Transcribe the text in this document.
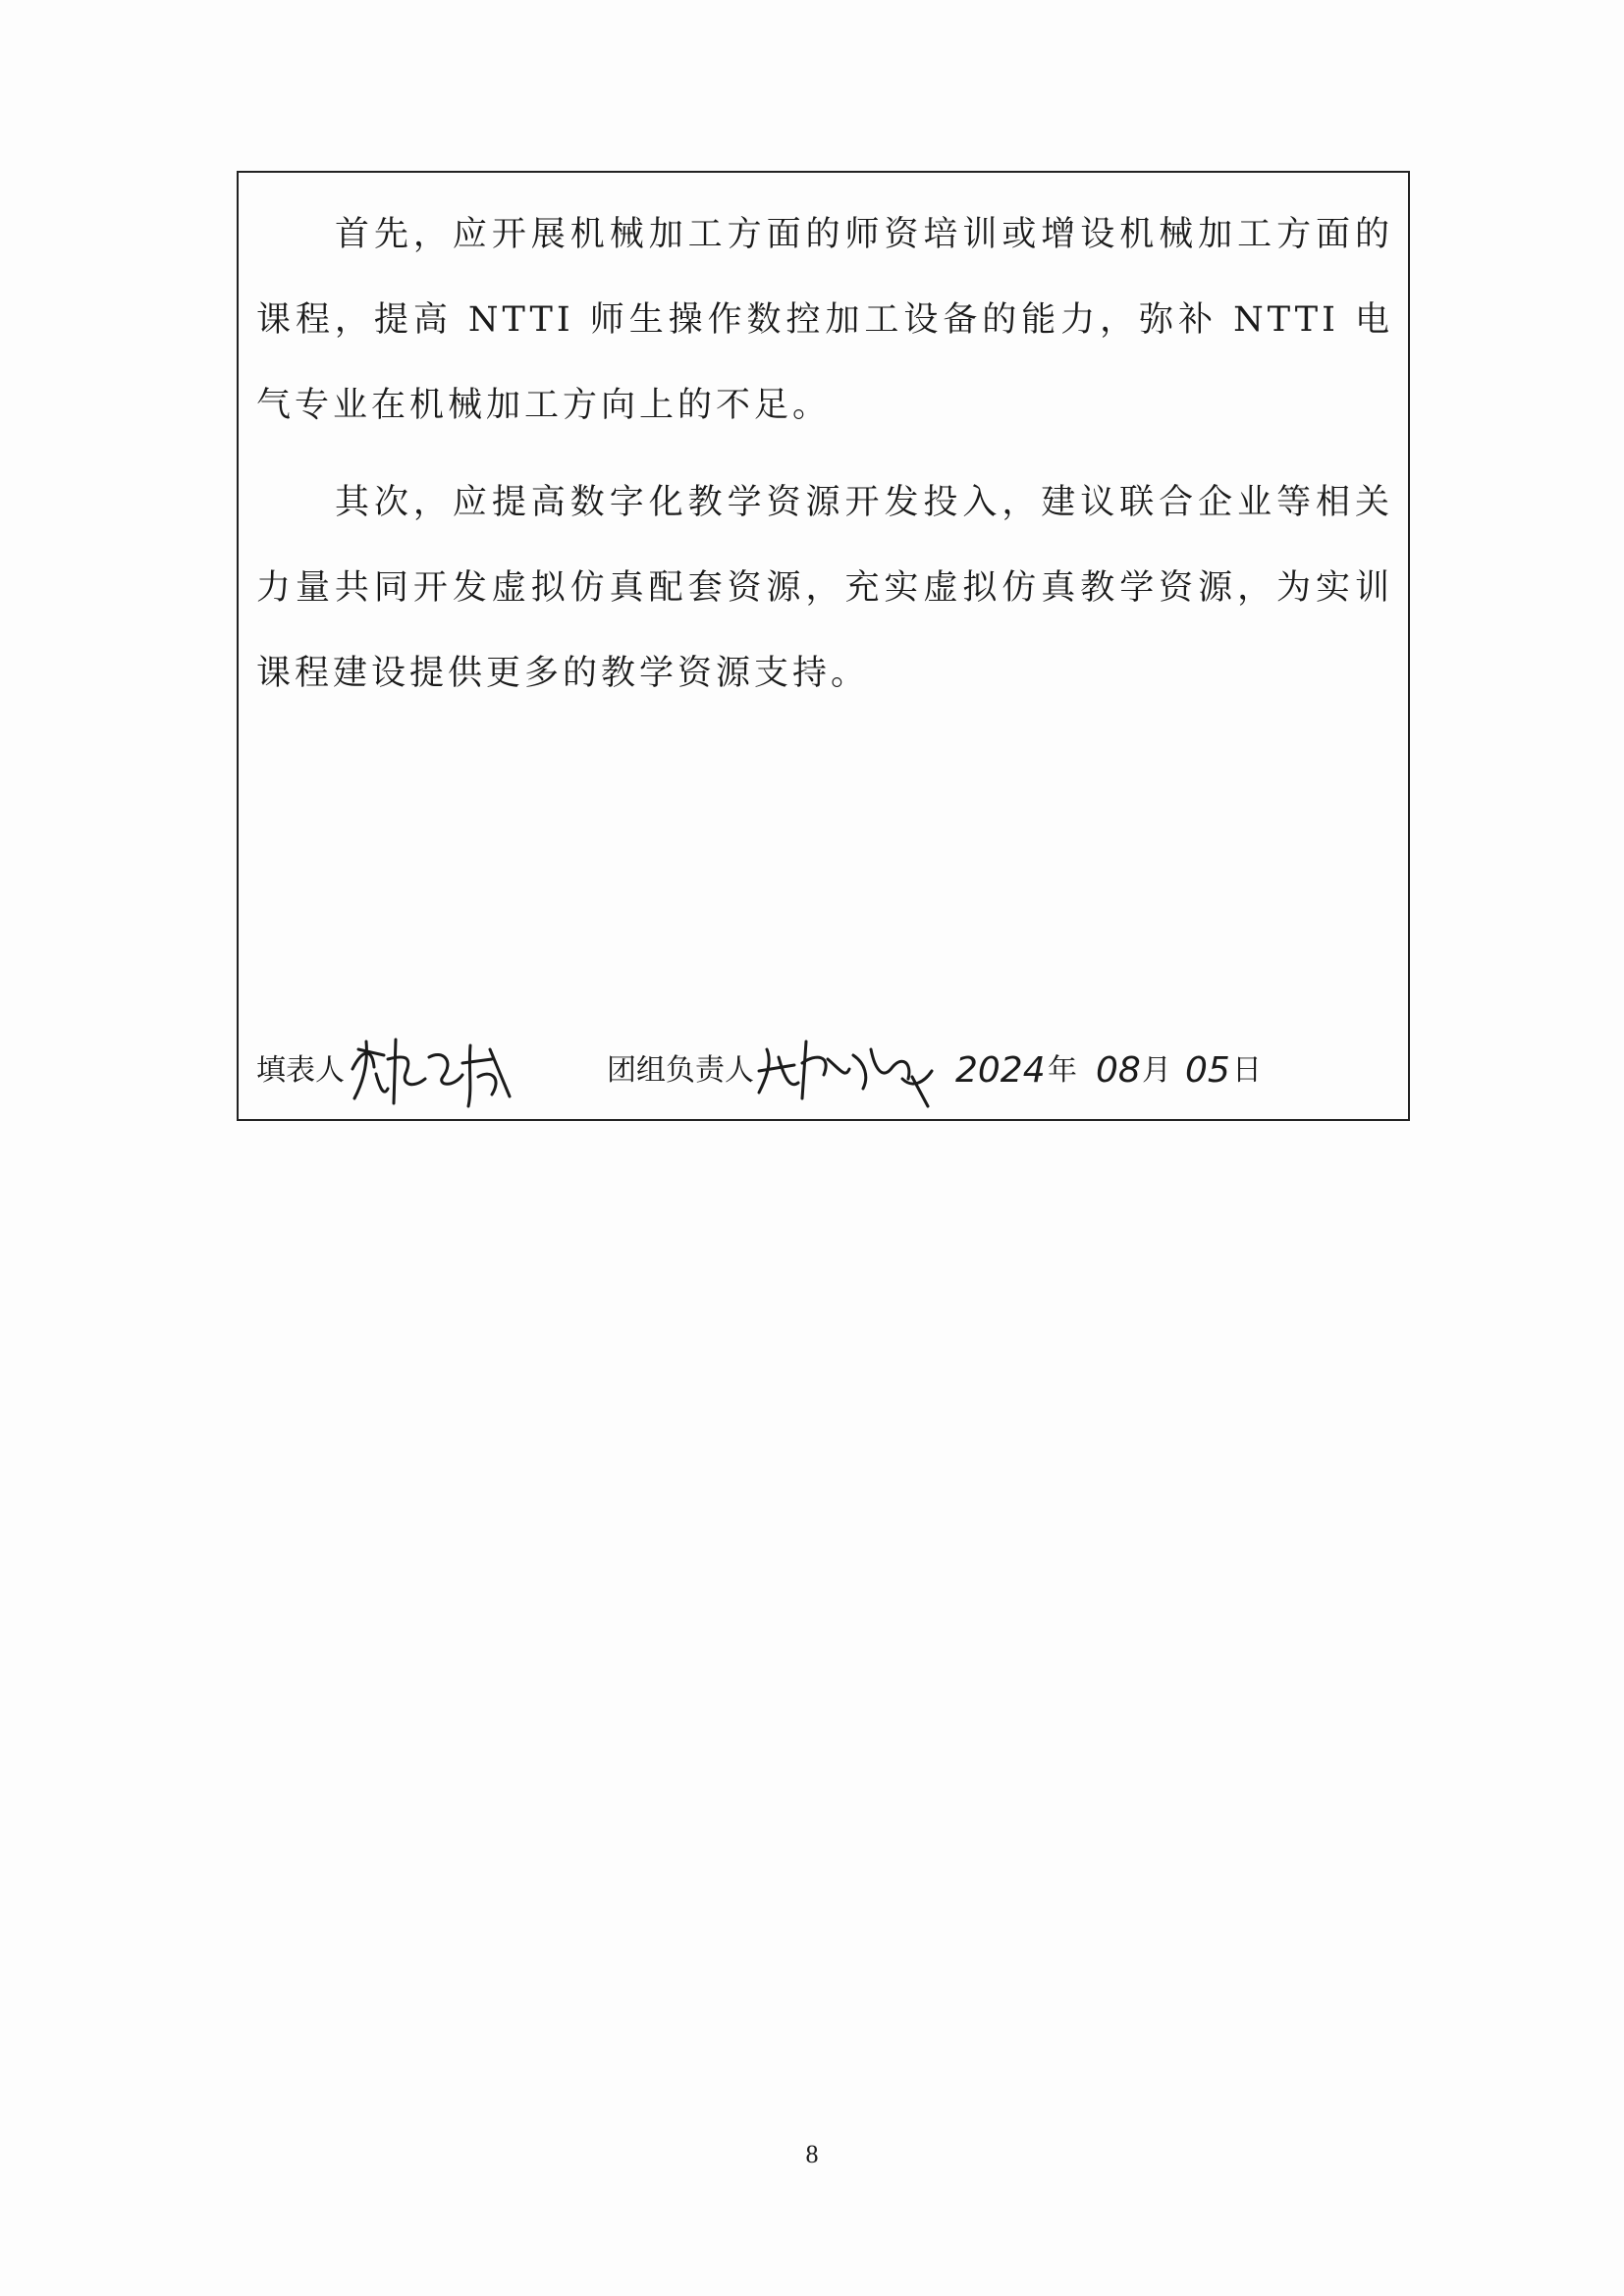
首先，应开展机械加工方面的师资培训或增设机械加工方面的课程，提高 NTTI 师生操作数控加工设备的能力，弥补 NTTI 电气专业在机械加工方向上的不足。

其次，应提高数字化教学资源开发投入，建议联合企业等相关力量共同开发虚拟仿真配套资源，充实虚拟仿真教学资源，为实训课程建设提供更多的教学资源支持。

填表人	团组负责人	2024 年 08 月 05 日
8
